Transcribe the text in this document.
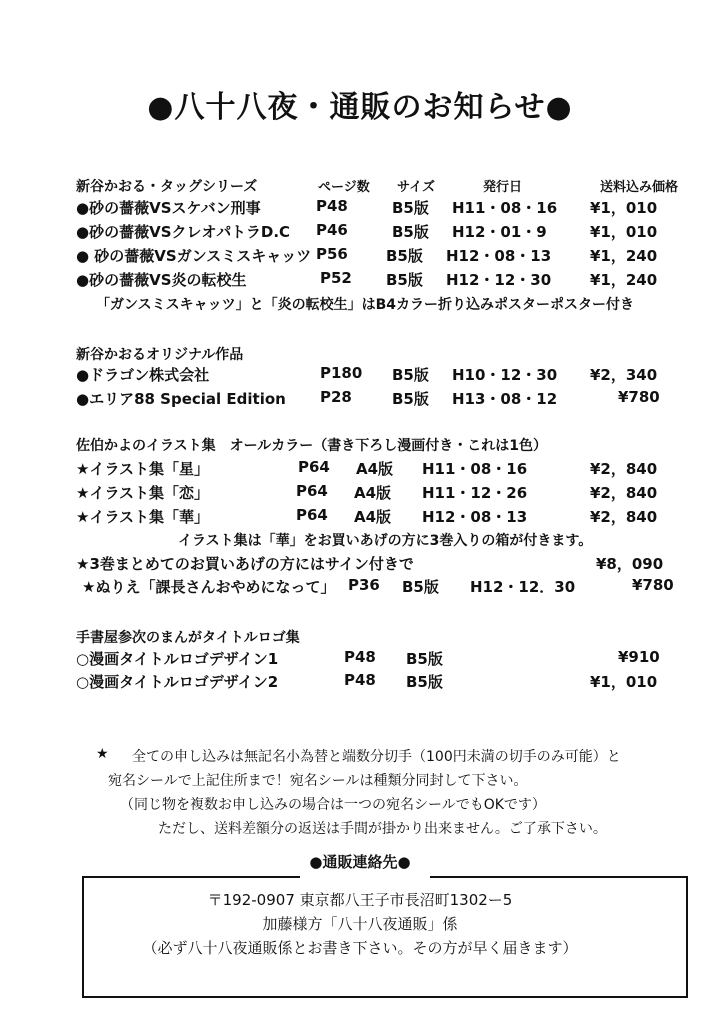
●八十八夜・通販のお知らせ●
新谷かおる・タッグシリーズ	ページ数 サイズ	発行日	送料込み価格
●砂の薔薇VSスケバン刑事	P48	B5版 H11・08・16 ¥1，010
●砂の薔薇VSクレオパトラD.C P46	B5版 H12・01・9	¥1，010
● 砂の薔薇VSガンスミスキャッツ P56	B5版 H12・08・13	¥1，240
●砂の薔薇VS炎の転校生	P52 B5版 H12・12・30	¥1，240
「ガンスミスキャッツ」と「炎の転校生」はB4カラー折り込みポスターポスター付き
新谷かおるオリジナル作品
●ドラゴン株式会社	P180 B5版 H10・12・30 ¥2，340
●エリア88 Special Edition P28	B5版 H13・08・12	¥780
佐伯かよのイラスト集　オールカラー（書き下ろし漫画付き・これは1色）
★イラスト集「星」	P64 A4版 H11・08・16	¥2，840
★イラスト集「恋」	P64 A4版 H11・12・26	¥2，840
★イラスト集「華」	P64 A4版 H12・08・13	¥2，840
イラスト集は「華」をお買いあげの方に3巻入りの箱が付きます。
★3巻まとめてのお買いあげの方にはサイン付きで	¥8，090
★ぬりえ「課長さんおやめになって」 P36 B5版 H12・12．30	¥780
手書屋参次のまんがタイトルロゴ集
○漫画タイトルロゴデザイン1	P48 B5版	¥910
○漫画タイトルロゴデザイン2	P48 B5版	¥1，010
★ 全ての申し込みは無記名小為替と端数分切手（100円未満の切手のみ可能）と
宛名シールで上記住所まで！宛名シールは種類分同封して下さい。
（同じ物を複数お申し込みの場合は一つの宛名シールでもOKです）
ただし、送料差額分の返送は手間が掛かり出来ません。ご了承下さい。
●通販連絡先●
〒192-0907 東京都八王子市長沼町1302ー5
加藤様方「八十八夜通販」係
（必ず八十八夜通販係とお書き下さい。その方が早く届きます）
